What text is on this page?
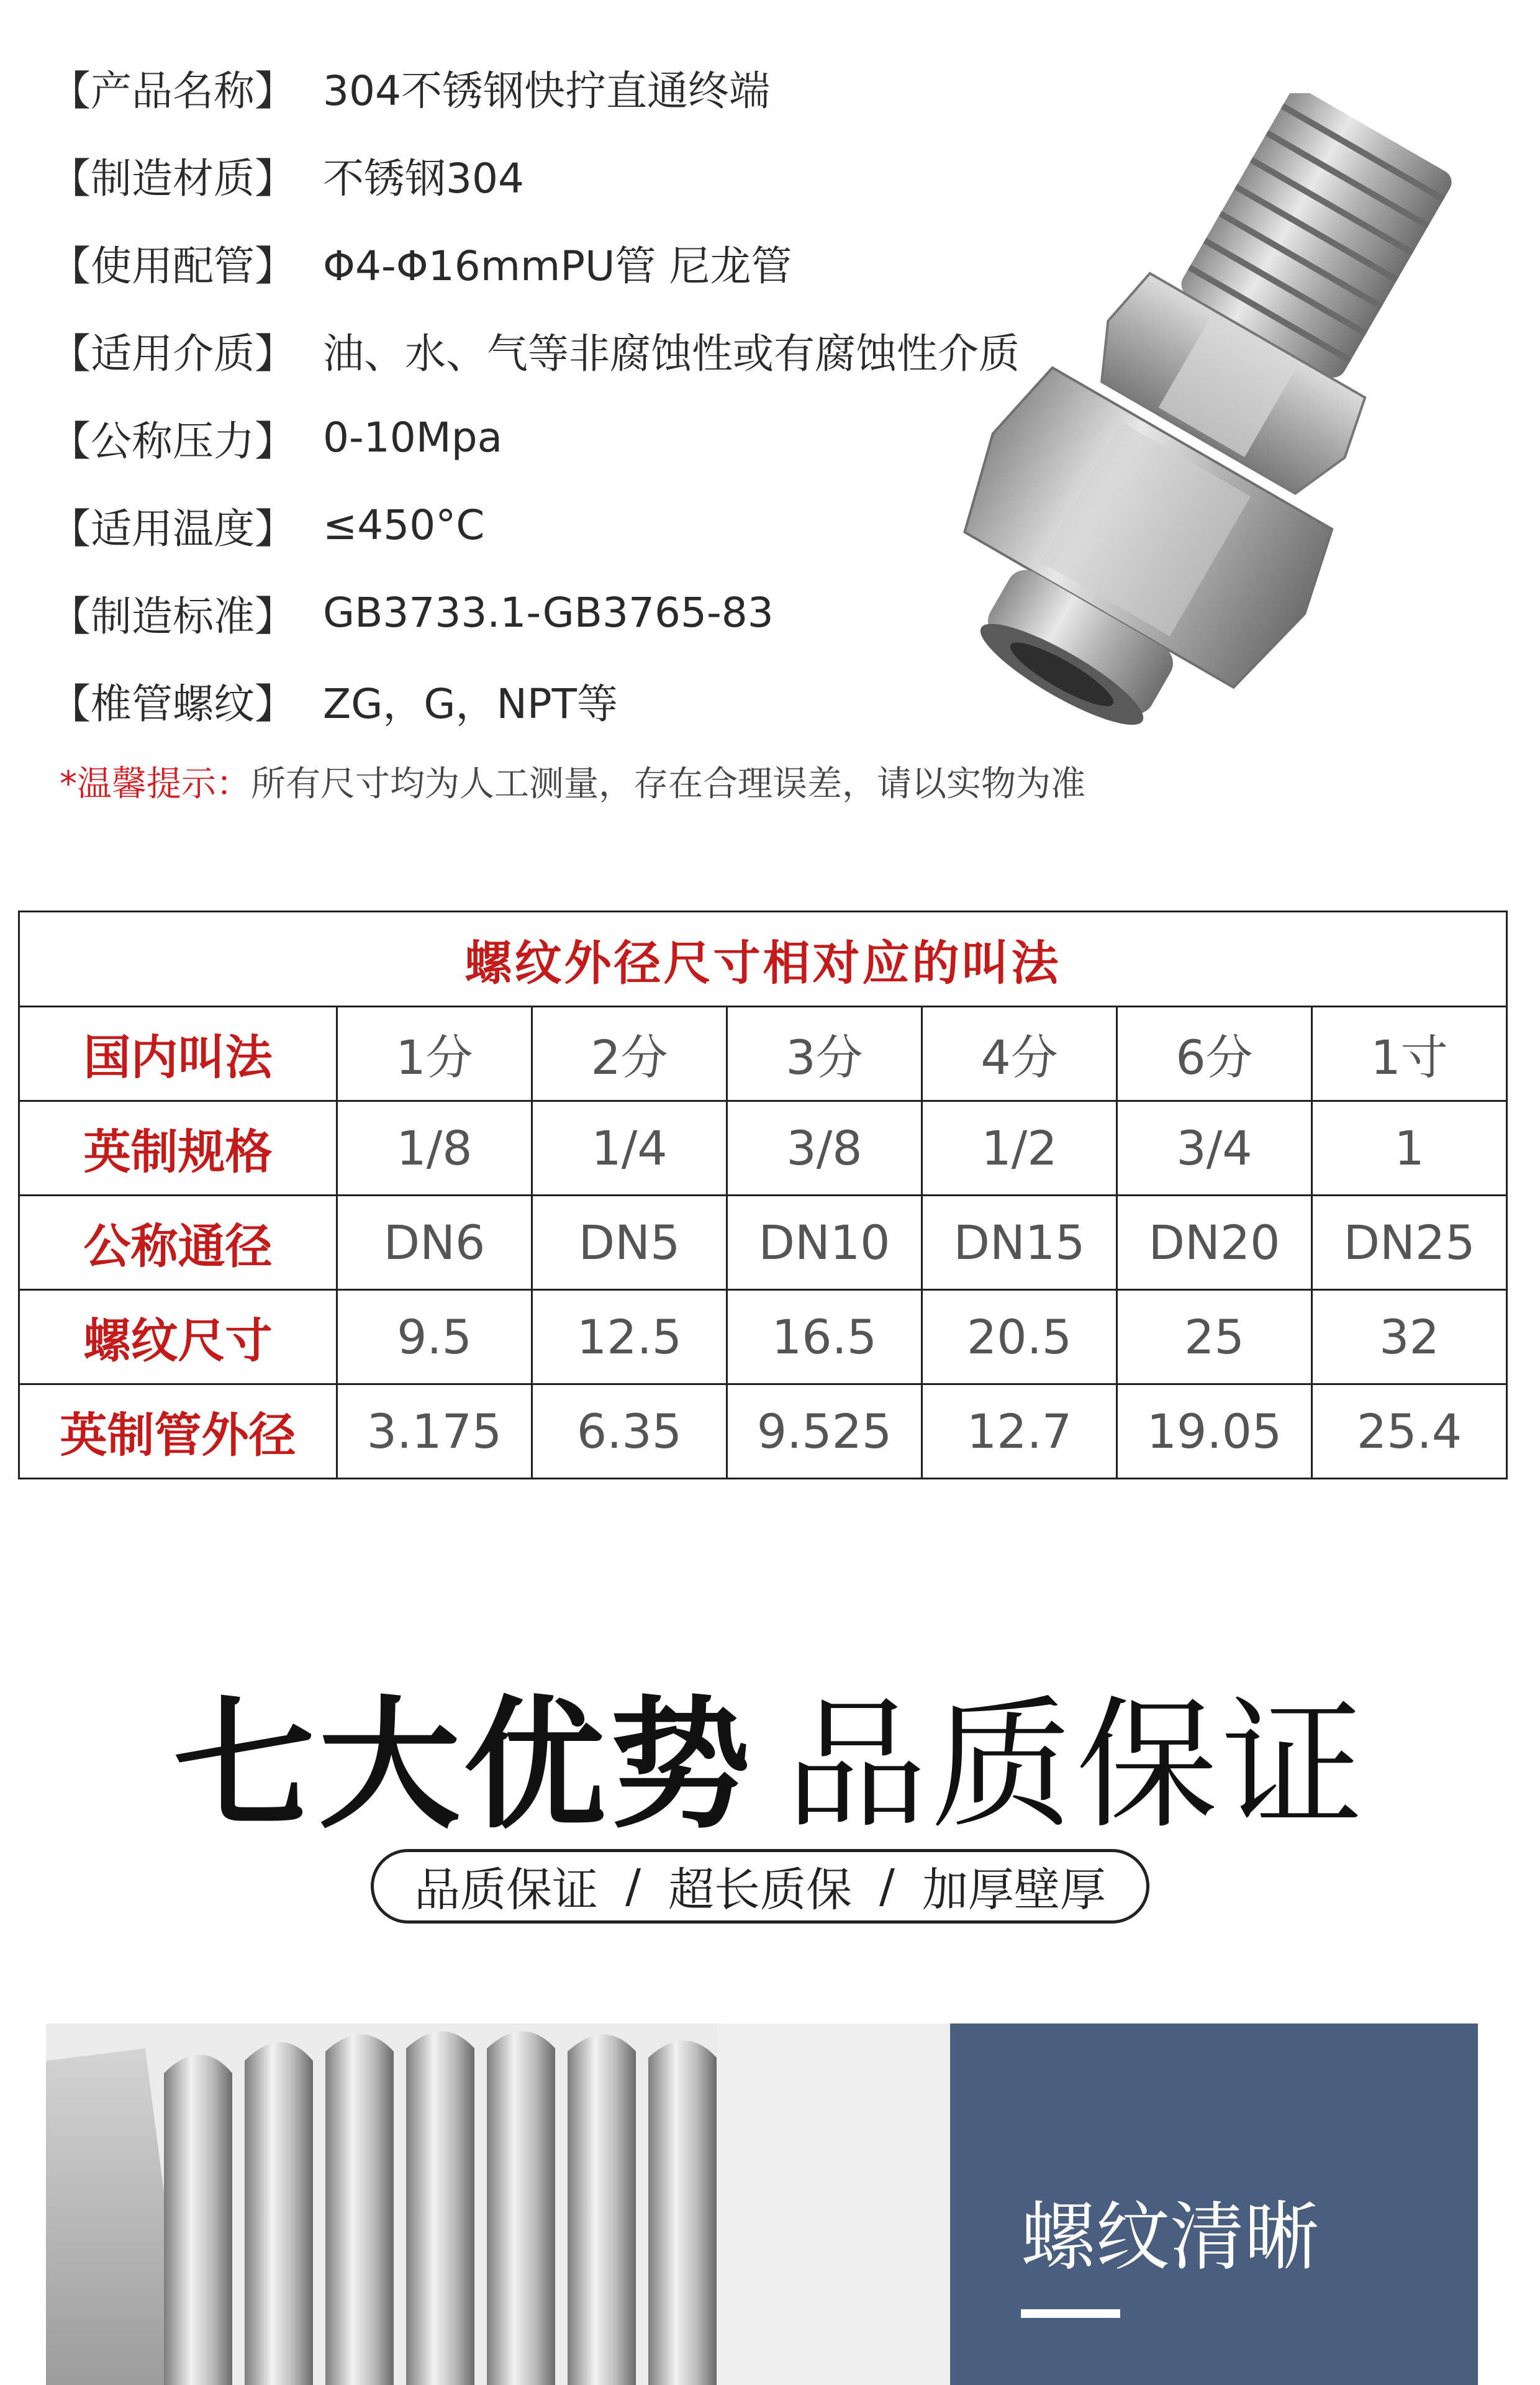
【产品名称】 304不锈钢快拧直通终端
【制造材质】 不锈钢304
【使用配管】 Φ4-Φ16mmPU管 尼龙管
【适用介质】 油、水、气等非腐蚀性或有腐蚀性介质
【公称压力】 0-10Mpa
【适用温度】 ≤450°C
【制造标准】 GB3733.1-GB3765-83
【椎管螺纹】 ZG，G，NPT等
*温馨提示：所有尺寸均为人工测量，存在合理误差，请以实物为准
螺纹外径尺寸相对应的叫法						
国内叫法	1分	2分	3分	4分	6分	1寸
英制规格	1/8	1/4	3/8	1/2	3/4	1
公称通径	DN6	DN5	DN10	DN15	DN20	DN25
螺纹尺寸	9.5	12.5	16.5	20.5	25	32
英制管外径	3.175	6.35	9.525	12.7	19.05	25.4
七大优势 品质保证
品质保证 / 超长质保 / 加厚壁厚
螺纹清晰
